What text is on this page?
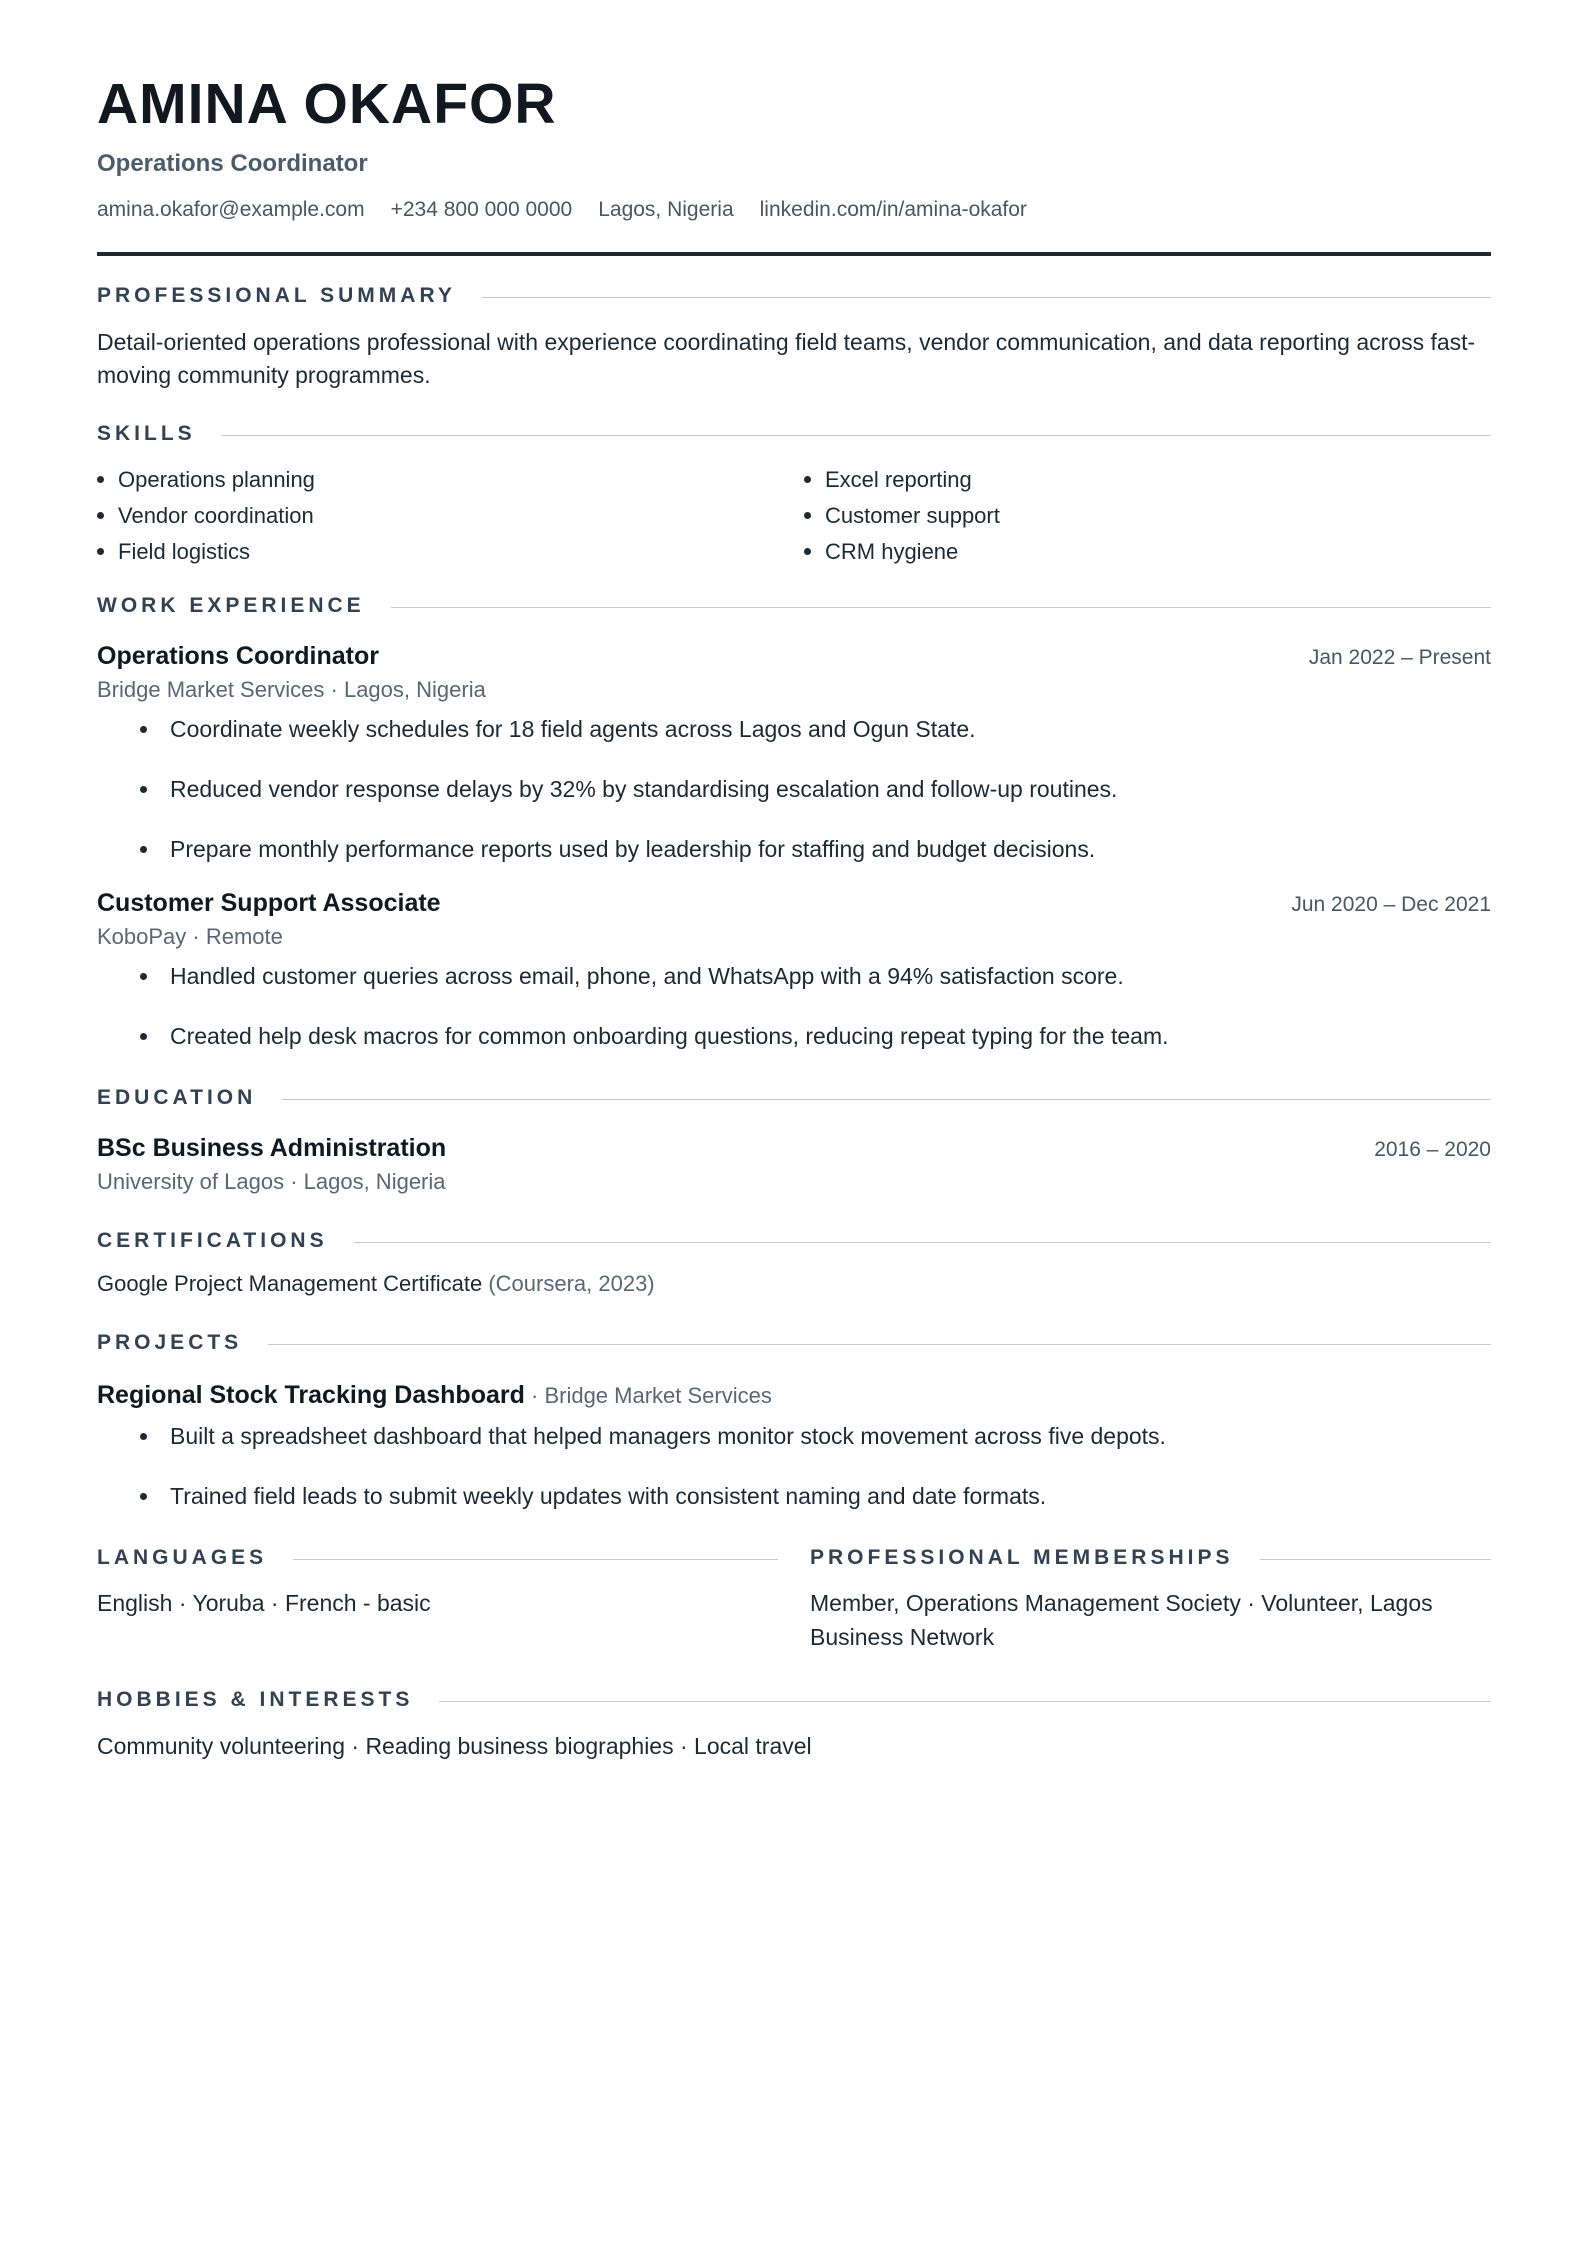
AMINA OKAFOR
Operations Coordinator
amina.okafor@example.com +234 800 000 0000 Lagos, Nigeria linkedin.com/in/amina-okafor
PROFESSIONAL SUMMARY
Detail-oriented operations professional with experience coordinating field teams, vendor communication, and data reporting across fast-moving community programmes.
SKILLS
Operations planning
Vendor coordination
Field logistics
Excel reporting
Customer support
CRM hygiene
WORK EXPERIENCE
Operations Coordinator	Jan 2022 – Present
Bridge Market Services · Lagos, Nigeria
Coordinate weekly schedules for 18 field agents across Lagos and Ogun State.
Reduced vendor response delays by 32% by standardising escalation and follow-up routines.
Prepare monthly performance reports used by leadership for staffing and budget decisions.
Customer Support Associate	Jun 2020 – Dec 2021
KoboPay · Remote
Handled customer queries across email, phone, and WhatsApp with a 94% satisfaction score.
Created help desk macros for common onboarding questions, reducing repeat typing for the team.
EDUCATION
BSc Business Administration	2016 – 2020
University of Lagos · Lagos, Nigeria
CERTIFICATIONS
Google Project Management Certificate (Coursera, 2023)
PROJECTS
Regional Stock Tracking Dashboard · Bridge Market Services
Built a spreadsheet dashboard that helped managers monitor stock movement across five depots.
Trained field leads to submit weekly updates with consistent naming and date formats.
LANGUAGES
English · Yoruba · French - basic
PROFESSIONAL MEMBERSHIPS
Member, Operations Management Society · Volunteer, Lagos Business Network
HOBBIES & INTERESTS
Community volunteering · Reading business biographies · Local travel
